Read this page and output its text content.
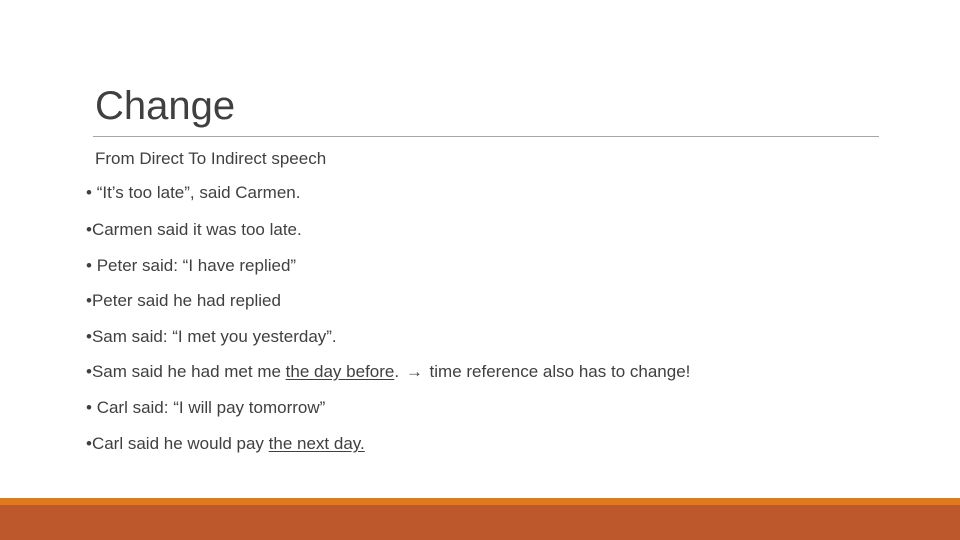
Change
From Direct To Indirect speech
• “It’s too late”, said Carmen.
•Carmen said it was too late.
• Peter said: “I have replied”
•Peter said he had replied
•Sam said: “I met you yesterday”.
•Sam said he had met me the day before. → time reference also has to change!
• Carl said: “I will pay tomorrow”
•Carl said he would pay the next day.
